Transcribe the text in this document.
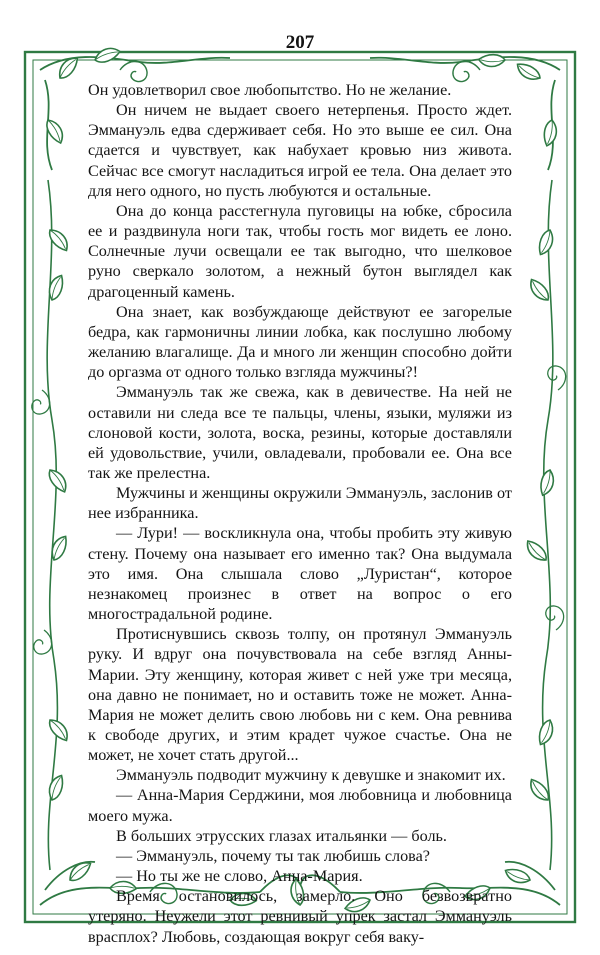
207

Он удовлетворил свое любопытство. Но не желание.

Он ничем не выдает своего нетерпенья. Просто ждет. Эммануэль едва сдерживает себя. Но это выше ее сил. Она сдается и чувствует, как набухает кровью низ живота. Сейчас все смогут насладиться игрой ее тела. Она делает это для него одного, но пусть любуются и остальные.

Она до конца расстегнула пуговицы на юбке, сбросила ее и раздвинула ноги так, чтобы гость мог видеть ее лоно. Солнечные лучи освещали ее так выгодно, что шелковое руно сверкало золотом, а нежный бутон выглядел как драгоценный камень.

Она знает, как возбуждающе действуют ее загорелые бедра, как гармоничны линии лобка, как послушно любому желанию влагалище. Да и много ли женщин способно дойти до оргазма от одного только взгляда мужчины?!

Эммануэль так же свежа, как в девичестве. На ней не оставили ни следа все те пальцы, члены, языки, муляжи из слоновой кости, золота, воска, резины, которые доставляли ей удовольствие, учили, овладевали, пробовали ее. Она все так же прелестна.

Мужчины и женщины окружили Эммануэль, заслонив от нее избранника.

— Лури! — воскликнула она, чтобы пробить эту живую стену. Почему она называет его именно так? Она выдумала это имя. Она слышала слово „Луристан“, которое незнакомец произнес в ответ на вопрос о его многострадальной родине.

Протиснувшись сквозь толпу, он протянул Эммануэль руку. И вдруг она почувствовала на себе взгляд Анны-Марии. Эту женщину, которая живет с ней уже три месяца, она давно не понимает, но и оставить тоже не может. Анна-Мария не может делить свою любовь ни с кем. Она ревнива к свободе других, и этим крадет чужое счастье. Она не может, не хочет стать другой...

Эммануэль подводит мужчину к девушке и знакомит их.

— Анна-Мария Серджини, моя любовница и любовница моего мужа.

В больших этрусских глазах итальянки — боль.

— Эммануэль, почему ты так любишь слова?

— Но ты же не слово, Анна-Мария.

Время остановилось, замерло. Оно безвозвратно утеряно. Неужели этот ревнивый упрек застал Эммануэль врасплох? Любовь, создающая вокруг себя ваку-
